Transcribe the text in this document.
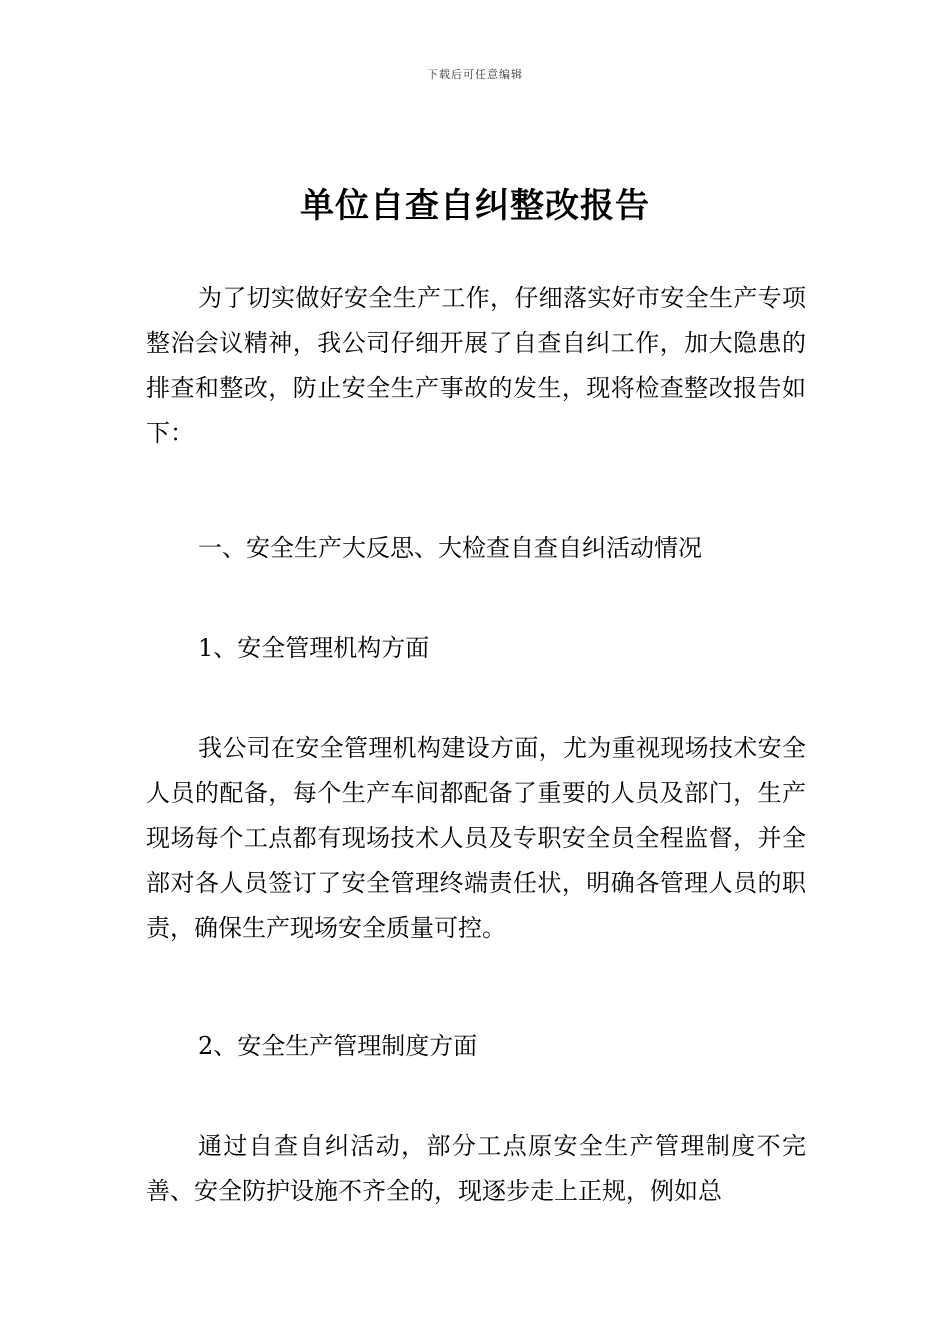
下载后可任意编辑
单位自查自纠整改报告

为了切实做好安全生产工作，仔细落实好市安全生产专项整治会议精神，我公司仔细开展了自查自纠工作，加大隐患的排查和整改，防止安全生产事故的发生，现将检查整改报告如下：

一、安全生产大反思、大检查自查自纠活动情况

1、安全管理机构方面

我公司在安全管理机构建设方面，尤为重视现场技术安全人员的配备，每个生产车间都配备了重要的人员及部门，生产现场每个工点都有现场技术人员及专职安全员全程监督，并全部对各人员签订了安全管理终端责任状，明确各管理人员的职责，确保生产现场安全质量可控。

2、安全生产管理制度方面

通过自查自纠活动，部分工点原安全生产管理制度不完善、安全防护设施不齐全的，现逐步走上正规，例如总
